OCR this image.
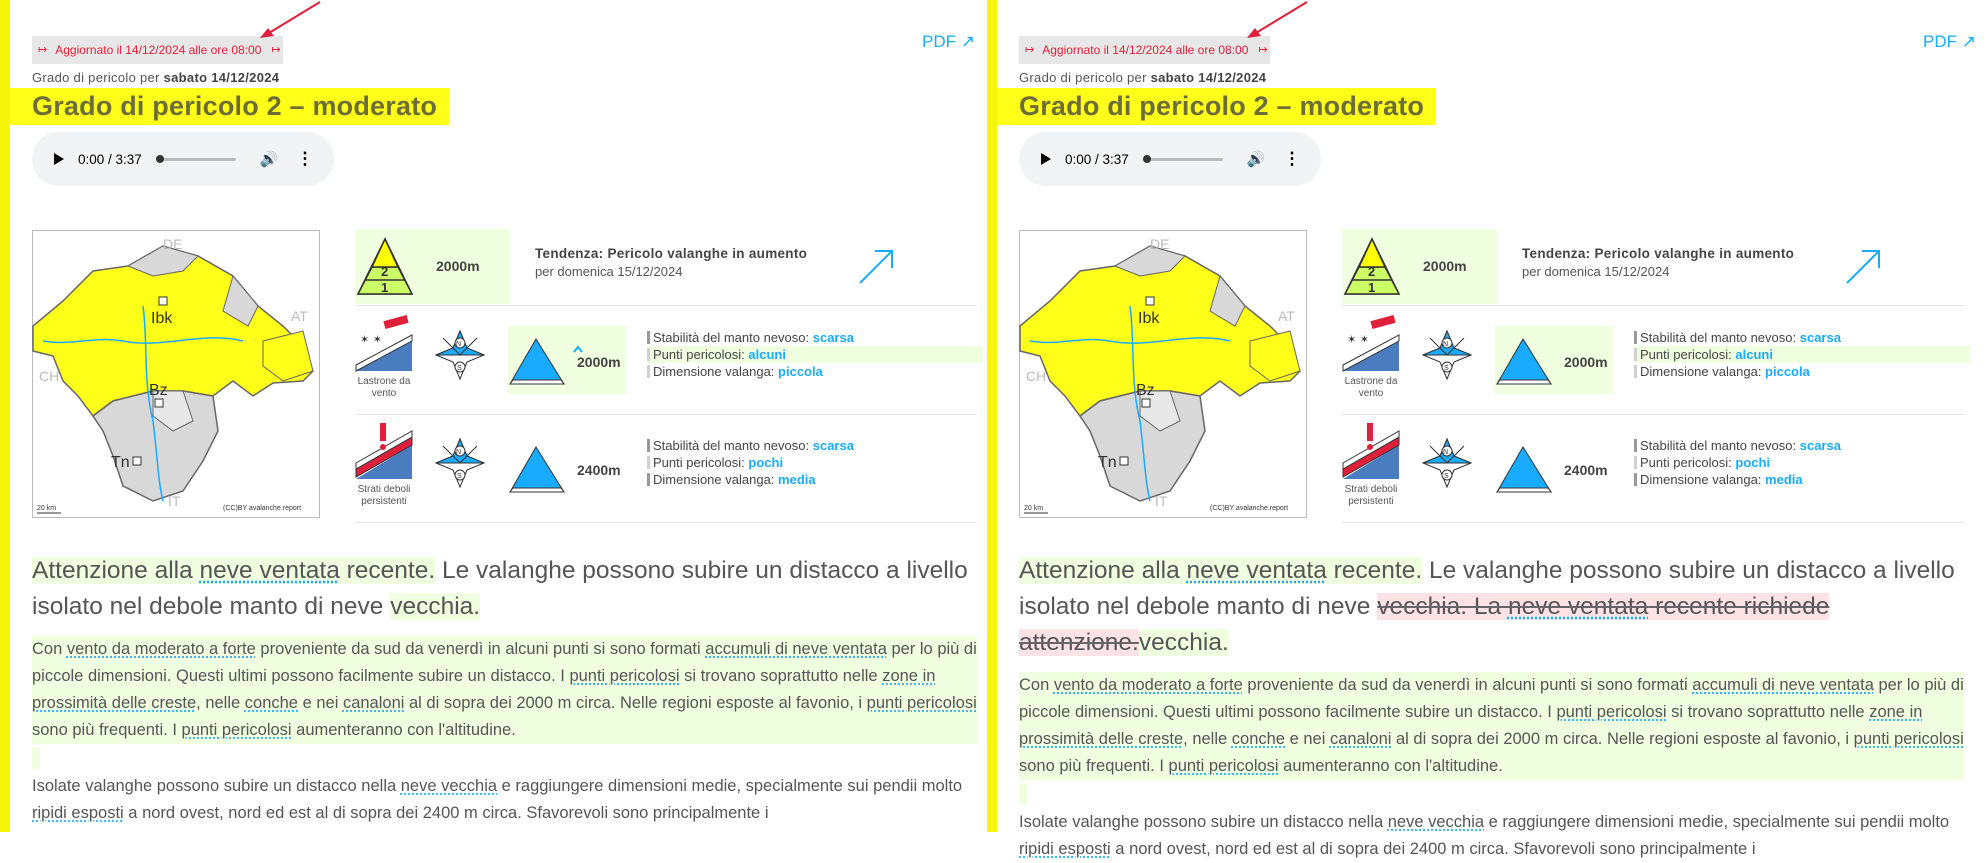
↦ Aggiornato il 14/12/2024 alle ore 08:00 ↦	PDF ↗
Grado di pericolo per sabato 14/12/2024
Grado di pericolo 2 – moderato
0:00 / 3:37	🔊 ⋮
DE
AT
CH
IT
Ibk
Bz
Tn
20 km	(CC)BY avalanche.report
2
1
2000m
Tendenza: Pericolo valanghe in aumento
per domenica 15/12/2024
✶ ✶
Lastrone da
vento
N
S	2000m
Stabilità del manto nevoso: scarsa
Punti pericolosi: alcuni
Dimensione valanga: piccola
Strati deboli
persistenti
N
S	2400m
Stabilità del manto nevoso: scarsa
Punti pericolosi: pochi
Dimensione valanga: media
Attenzione alla neve ventata recente. Le valanghe possono subire un distacco a livello isolato nel debole manto di neve vecchia.
Con vento da moderato a forte proveniente da sud da venerdì in alcuni punti si sono formati accumuli di neve ventata per lo più di piccole dimensioni. Questi ultimi possono facilmente subire un distacco. I punti pericolosi si trovano soprattutto nelle zone in prossimità delle creste, nelle conche e nei canaloni al di sopra dei 2000 m circa. Nelle regioni esposte al favonio, i punti pericolosi sono più frequenti. I punti pericolosi aumenteranno con l'altitudine.
Isolate valanghe possono subire un distacco nella neve vecchia e raggiungere dimensioni medie, specialmente sui pendii molto ripidi esposti a nord ovest, nord ed est al di sopra dei 2400 m circa. Sfavorevoli sono principalmente i
↦ Aggiornato il 14/12/2024 alle ore 08:00 ↦	PDF ↗
Grado di pericolo per sabato 14/12/2024
Grado di pericolo 2 – moderato
0:00 / 3:37	🔊 ⋮
DE
AT
CH
IT
Ibk
Bz
Tn
20 km	(CC)BY avalanche.report
2
1
2000m
Tendenza: Pericolo valanghe in aumento
per domenica 15/12/2024
✶ ✶
Lastrone da
vento
N
S	2000m
Stabilità del manto nevoso: scarsa
Punti pericolosi: alcuni
Dimensione valanga: piccola
Strati deboli
persistenti
N
S	2400m
Stabilità del manto nevoso: scarsa
Punti pericolosi: pochi
Dimensione valanga: media
Attenzione alla neve ventata recente. Le valanghe possono subire un distacco a livello isolato nel debole manto di neve vecchia. La neve ventata recente richiede attenzione.vecchia.
Con vento da moderato a forte proveniente da sud da venerdì in alcuni punti si sono formati accumuli di neve ventata per lo più di piccole dimensioni. Questi ultimi possono facilmente subire un distacco. I punti pericolosi si trovano soprattutto nelle zone in prossimità delle creste, nelle conche e nei canaloni al di sopra dei 2000 m circa. Nelle regioni esposte al favonio, i punti pericolosi sono più frequenti. I punti pericolosi aumenteranno con l'altitudine.
Isolate valanghe possono subire un distacco nella neve vecchia e raggiungere dimensioni medie, specialmente sui pendii molto ripidi esposti a nord ovest, nord ed est al di sopra dei 2400 m circa. Sfavorevoli sono principalmente i
